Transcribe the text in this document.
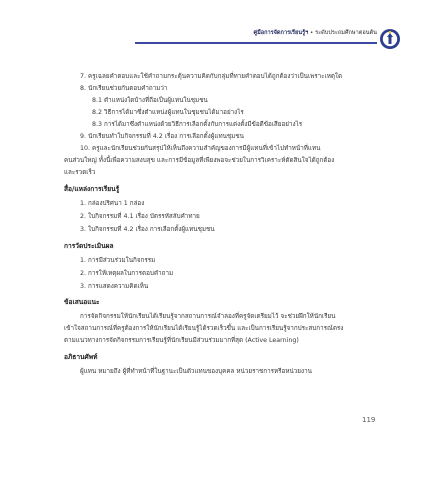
คู่มือการจัดการเรียนรู้ฯ • ระดับประถมศึกษาตอนต้น
7. ครูเฉลยคำตอบและใช้คำถามกระตุ้นความคิดกับกลุ่มที่ทายคำตอบได้ถูกต้องว่าเป็นเพราะเหตุใด
8. นักเรียนช่วยกันตอบคำถามว่า
8.1 ตำแหน่งใดบ้างที่ถือเป็นผู้แทนในชุมชน
8.2 วิธีการได้มาซึ่งตำแหน่งผู้แทนในชุมชนได้มาอย่างไร
8.3 การได้มาซึ่งตำแหน่งด้วยวิธีการเลือกตั้งกับการแต่งตั้งมีข้อดีข้อเสียอย่างไร
9. นักเรียนทำใบกิจกรรมที่ 4.2 เรื่อง การเลือกตั้งผู้แทนชุมชน
10. ครูและนักเรียนช่วยกันสรุปให้เห็นถึงความสำคัญของการมีผู้แทนที่เข้าไปทำหน้าที่แทน
คนส่วนใหญ่ ทั้งนี้เพื่อความสงบสุข และการมีข้อมูลที่เพียงพอจะช่วยในการวิเคราะห์ตัดสินใจได้ถูกต้อง
และรวดเร็ว
สื่อ/แหล่งการเรียนรู้
1. กล่องปริศนา 1 กล่อง
2. ใบกิจกรรมที่ 4.1 เรื่อง บัตรรหัสลับคำทาย
3. ใบกิจกรรมที่ 4.2 เรื่อง การเลือกตั้งผู้แทนชุมชน
การวัดประเมินผล
1. การมีส่วนร่วมในกิจกรรม
2. การให้เหตุผลในการตอบคำถาม
3. การแสดงความคิดเห็น
ข้อเสนอแนะ
การจัดกิจกรรมให้นักเรียนได้เรียนรู้จากสถานการณ์จำลองที่ครูจัดเตรียมไว้ จะช่วยฝึกให้นักเรียน
เข้าใจสถานการณ์ที่ครูต้องการให้นักเรียนได้เรียนรู้ได้รวดเร็วขึ้น และเป็นการเรียนรู้จากประสบการณ์ตรง
ตามแนวทางการจัดกิจกรรมการเรียนรู้ที่นักเรียนมีส่วนร่วมมากที่สุด (Active Learning)
อภิธานศัพท์
ผู้แทน หมายถึง ผู้ที่ทำหน้าที่ในฐานะเป็นตัวแทนของบุคคล หน่วยราชการหรือหน่วยงาน
119
